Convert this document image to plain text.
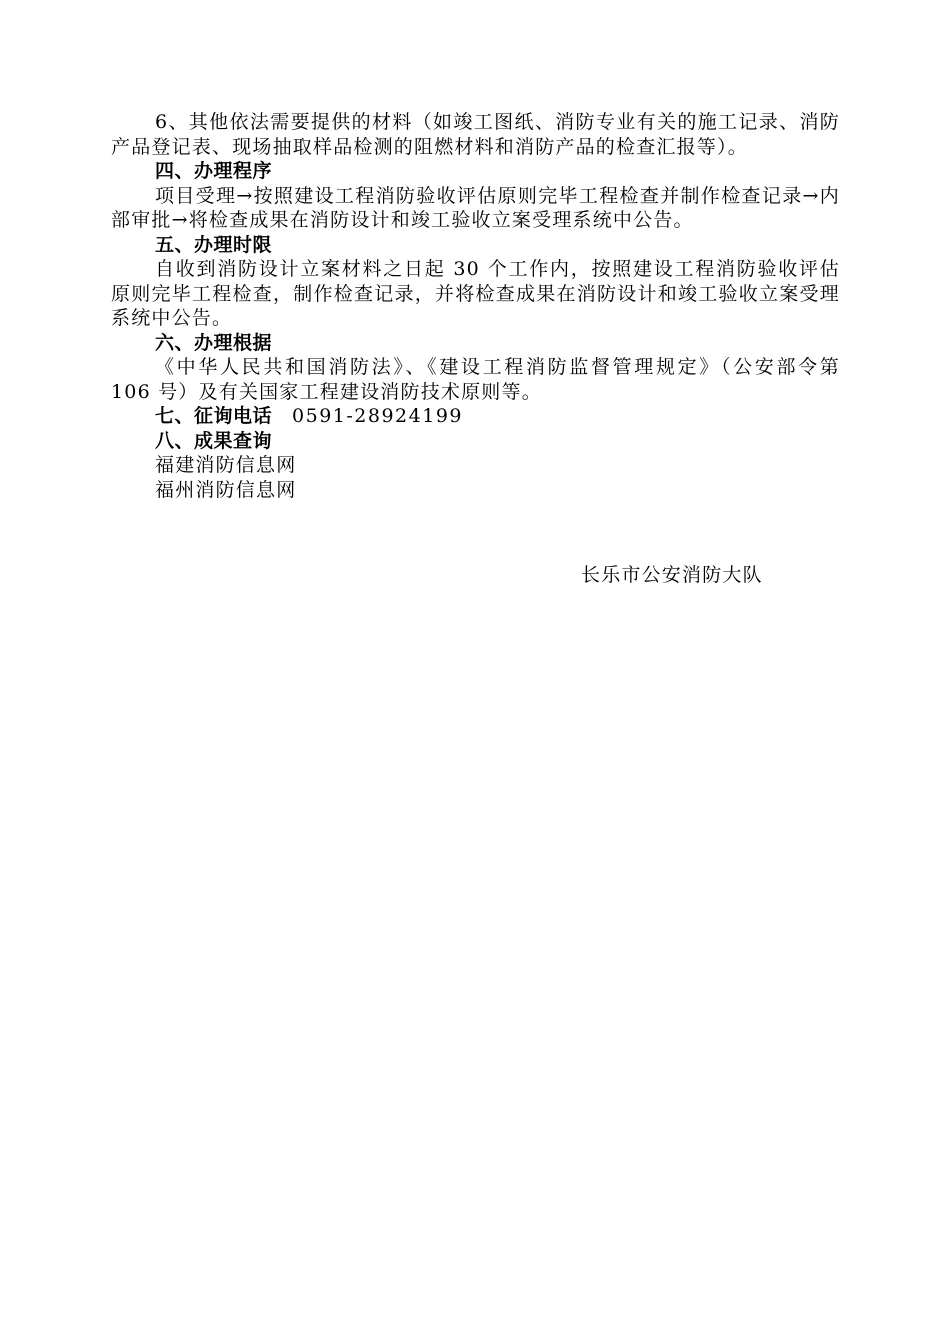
6、其他依法需要提供的材料（如竣工图纸、消防专业有关的施工记录、消防产品登记表、现场抽取样品检测的阻燃材料和消防产品的检查汇报等）。

四、办理程序

项目受理→按照建设工程消防验收评估原则完毕工程检查并制作检查记录→内部审批→将检查成果在消防设计和竣工验收立案受理系统中公告。

五、办理时限

自收到消防设计立案材料之日起 30 个工作内，按照建设工程消防验收评估原则完毕工程检查，制作检查记录，并将检查成果在消防设计和竣工验收立案受理系统中公告。

六、办理根据

《中华人民共和国消防法》、《建设工程消防监督管理规定》（公安部令第 106 号）及有关国家工程建设消防技术原则等。

七、征询电话 0591-28924199

八、成果查询

福建消防信息网

福州消防信息网

长乐市公安消防大队
